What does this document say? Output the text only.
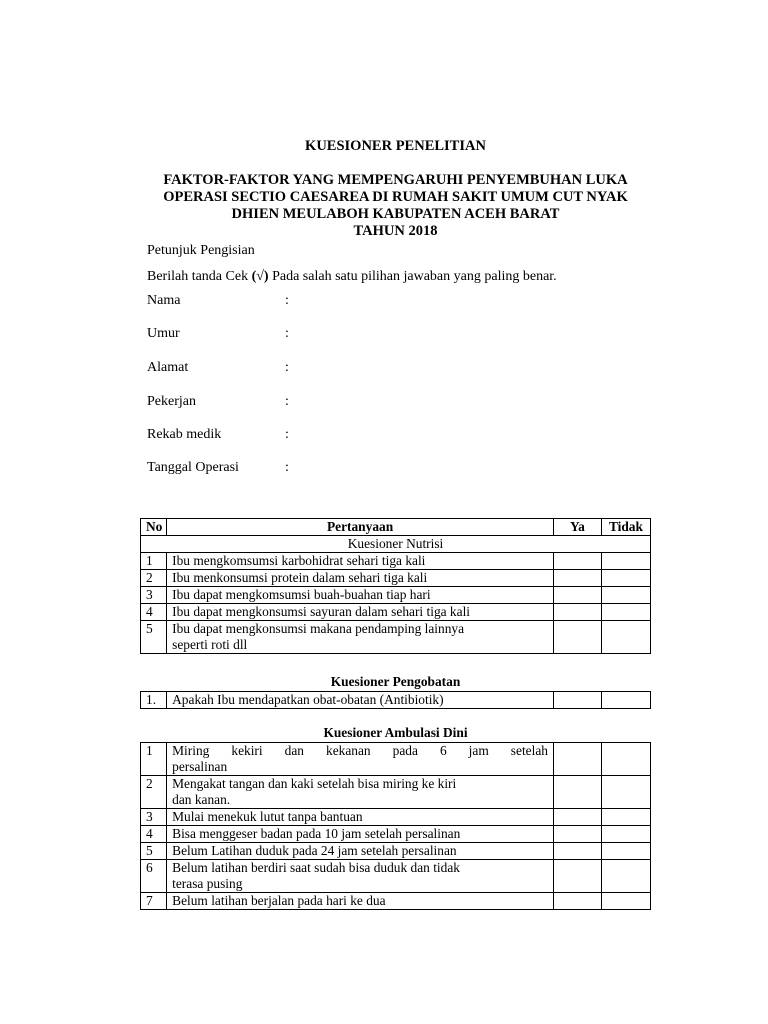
KUESIONER PENELITIAN
FAKTOR-FAKTOR YANG MEMPENGARUHI PENYEMBUHAN LUKA
OPERASI SECTIO CAESAREA DI RUMAH SAKIT UMUM CUT NYAK
DHIEN MEULABOH KABUPATEN ACEH BARAT
TAHUN 2018
Petunjuk Pengisian
Berilah tanda Cek (√) Pada salah satu pilihan jawaban yang paling benar.
Nama	:
Umur	:
Alamat	:
Pekerjan	:
Rekab medik	:
Tanggal Operasi	:
No	Pertanyaan	Ya	Tidak
Kuesioner Nutrisi			
1	Ibu mengkomsumsi karbohidrat sehari tiga kali		
2	Ibu menkonsumsi protein dalam sehari tiga kali		
3	Ibu dapat mengkomsumsi buah-buahan tiap hari		
4	Ibu dapat mengkonsumsi sayuran dalam sehari tiga kali		
5	Ibu dapat mengkonsumsi makana pendamping lainnya
seperti roti dll		

Kuesioner Pengobatan
1.	Apakah Ibu mendapatkan obat-obatan (Antibiotik)		
Kuesioner Ambulasi Dini
1	Miring kekiri dan kekanan pada 6 jam setelah
persalinan		

2	Mengakat tangan dan kaki setelah bisa miring ke kiri
dan kanan.		

3	Mulai menekuk lutut tanpa bantuan		
4	Bisa menggeser badan pada 10 jam setelah persalinan		
5	Belum Latihan duduk pada 24 jam setelah persalinan		
6	Belum latihan berdiri saat sudah bisa duduk dan tidak
terasa pusing		

7	Belum latihan berjalan pada hari ke dua		
